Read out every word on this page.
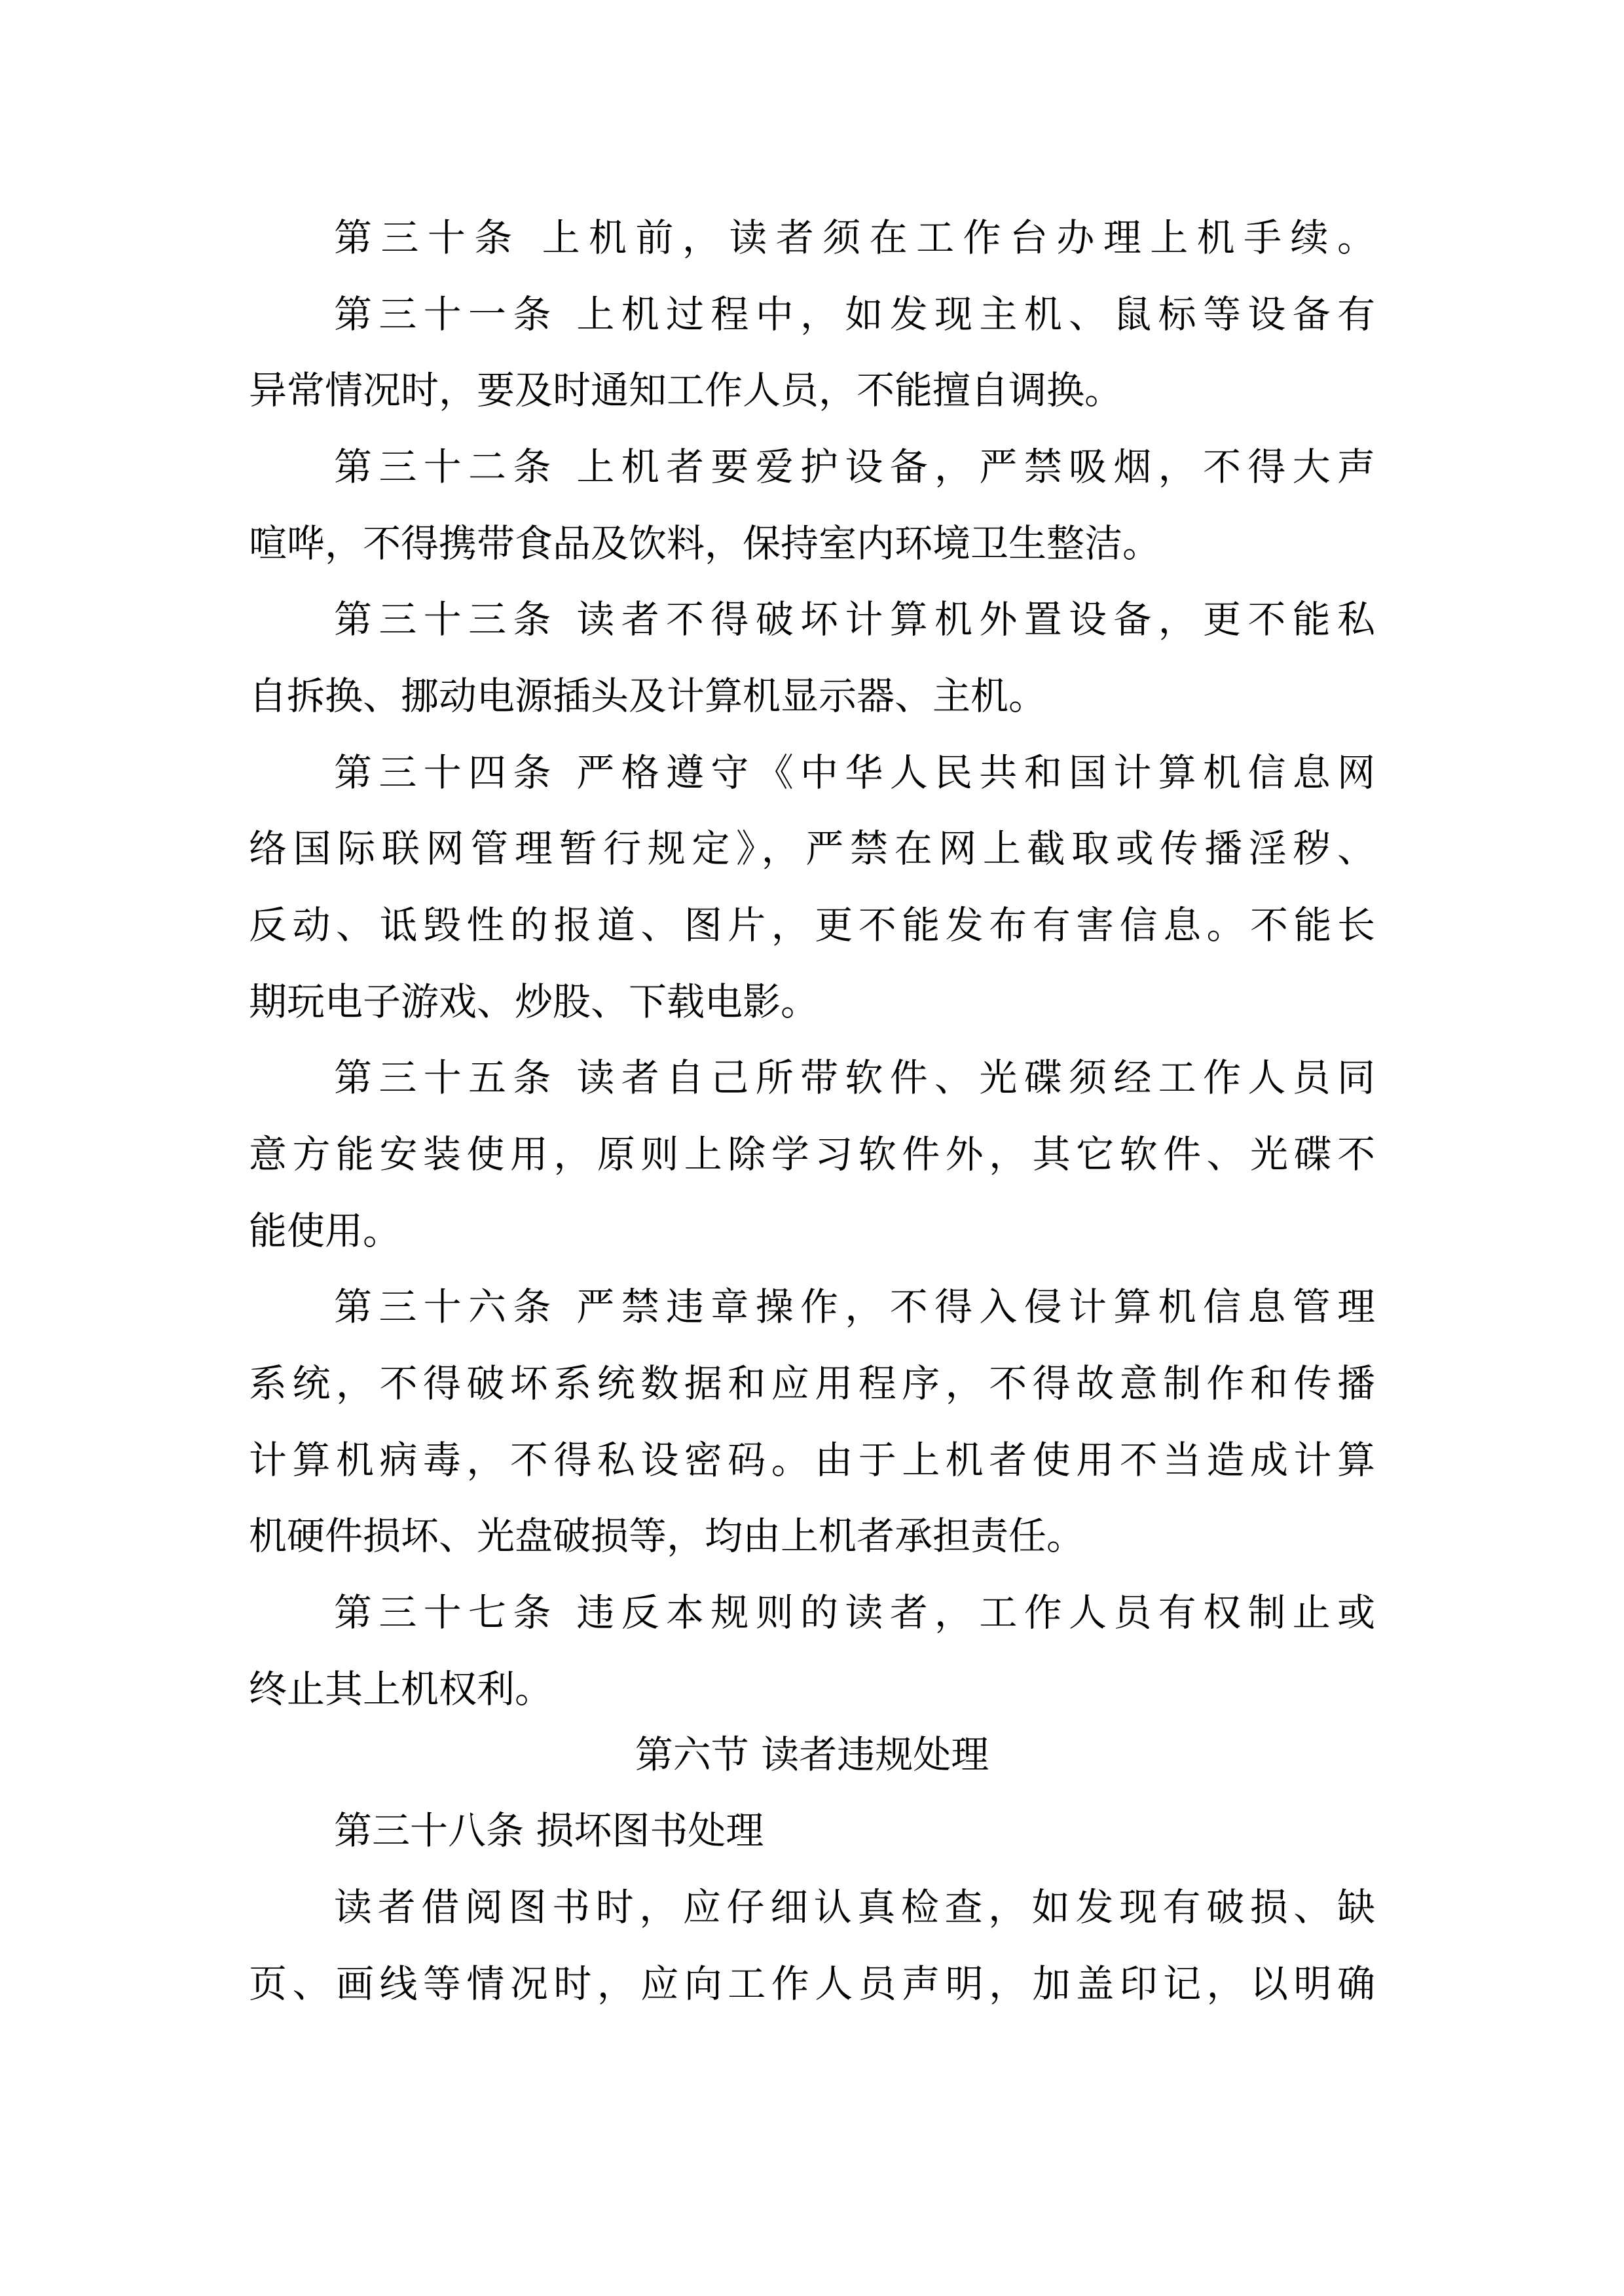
第三十条 上机前，读者须在工作台办理上机手续。
第三十一条 上机过程中，如发现主机、鼠标等设备有
异常情况时，要及时通知工作人员，不能擅自调换。
第三十二条 上机者要爱护设备，严禁吸烟，不得大声
喧哗，不得携带食品及饮料，保持室内环境卫生整洁。
第三十三条 读者不得破坏计算机外置设备，更不能私
自拆换、挪动电源插头及计算机显示器、主机。
第三十四条 严格遵守《中华人民共和国计算机信息网
络国际联网管理暂行规定》，严禁在网上截取或传播淫秽、
反动、诋毁性的报道、图片，更不能发布有害信息。不能长
期玩电子游戏、炒股、下载电影。
第三十五条 读者自己所带软件、光碟须经工作人员同
意方能安装使用，原则上除学习软件外，其它软件、光碟不
能使用。
第三十六条 严禁违章操作，不得入侵计算机信息管理
系统，不得破坏系统数据和应用程序，不得故意制作和传播
计算机病毒，不得私设密码。由于上机者使用不当造成计算
机硬件损坏、光盘破损等，均由上机者承担责任。
第三十七条 违反本规则的读者，工作人员有权制止或
终止其上机权利。
第六节 读者违规处理
第三十八条 损坏图书处理
读者借阅图书时，应仔细认真检查，如发现有破损、缺
页、画线等情况时，应向工作人员声明，加盖印记，以明确
